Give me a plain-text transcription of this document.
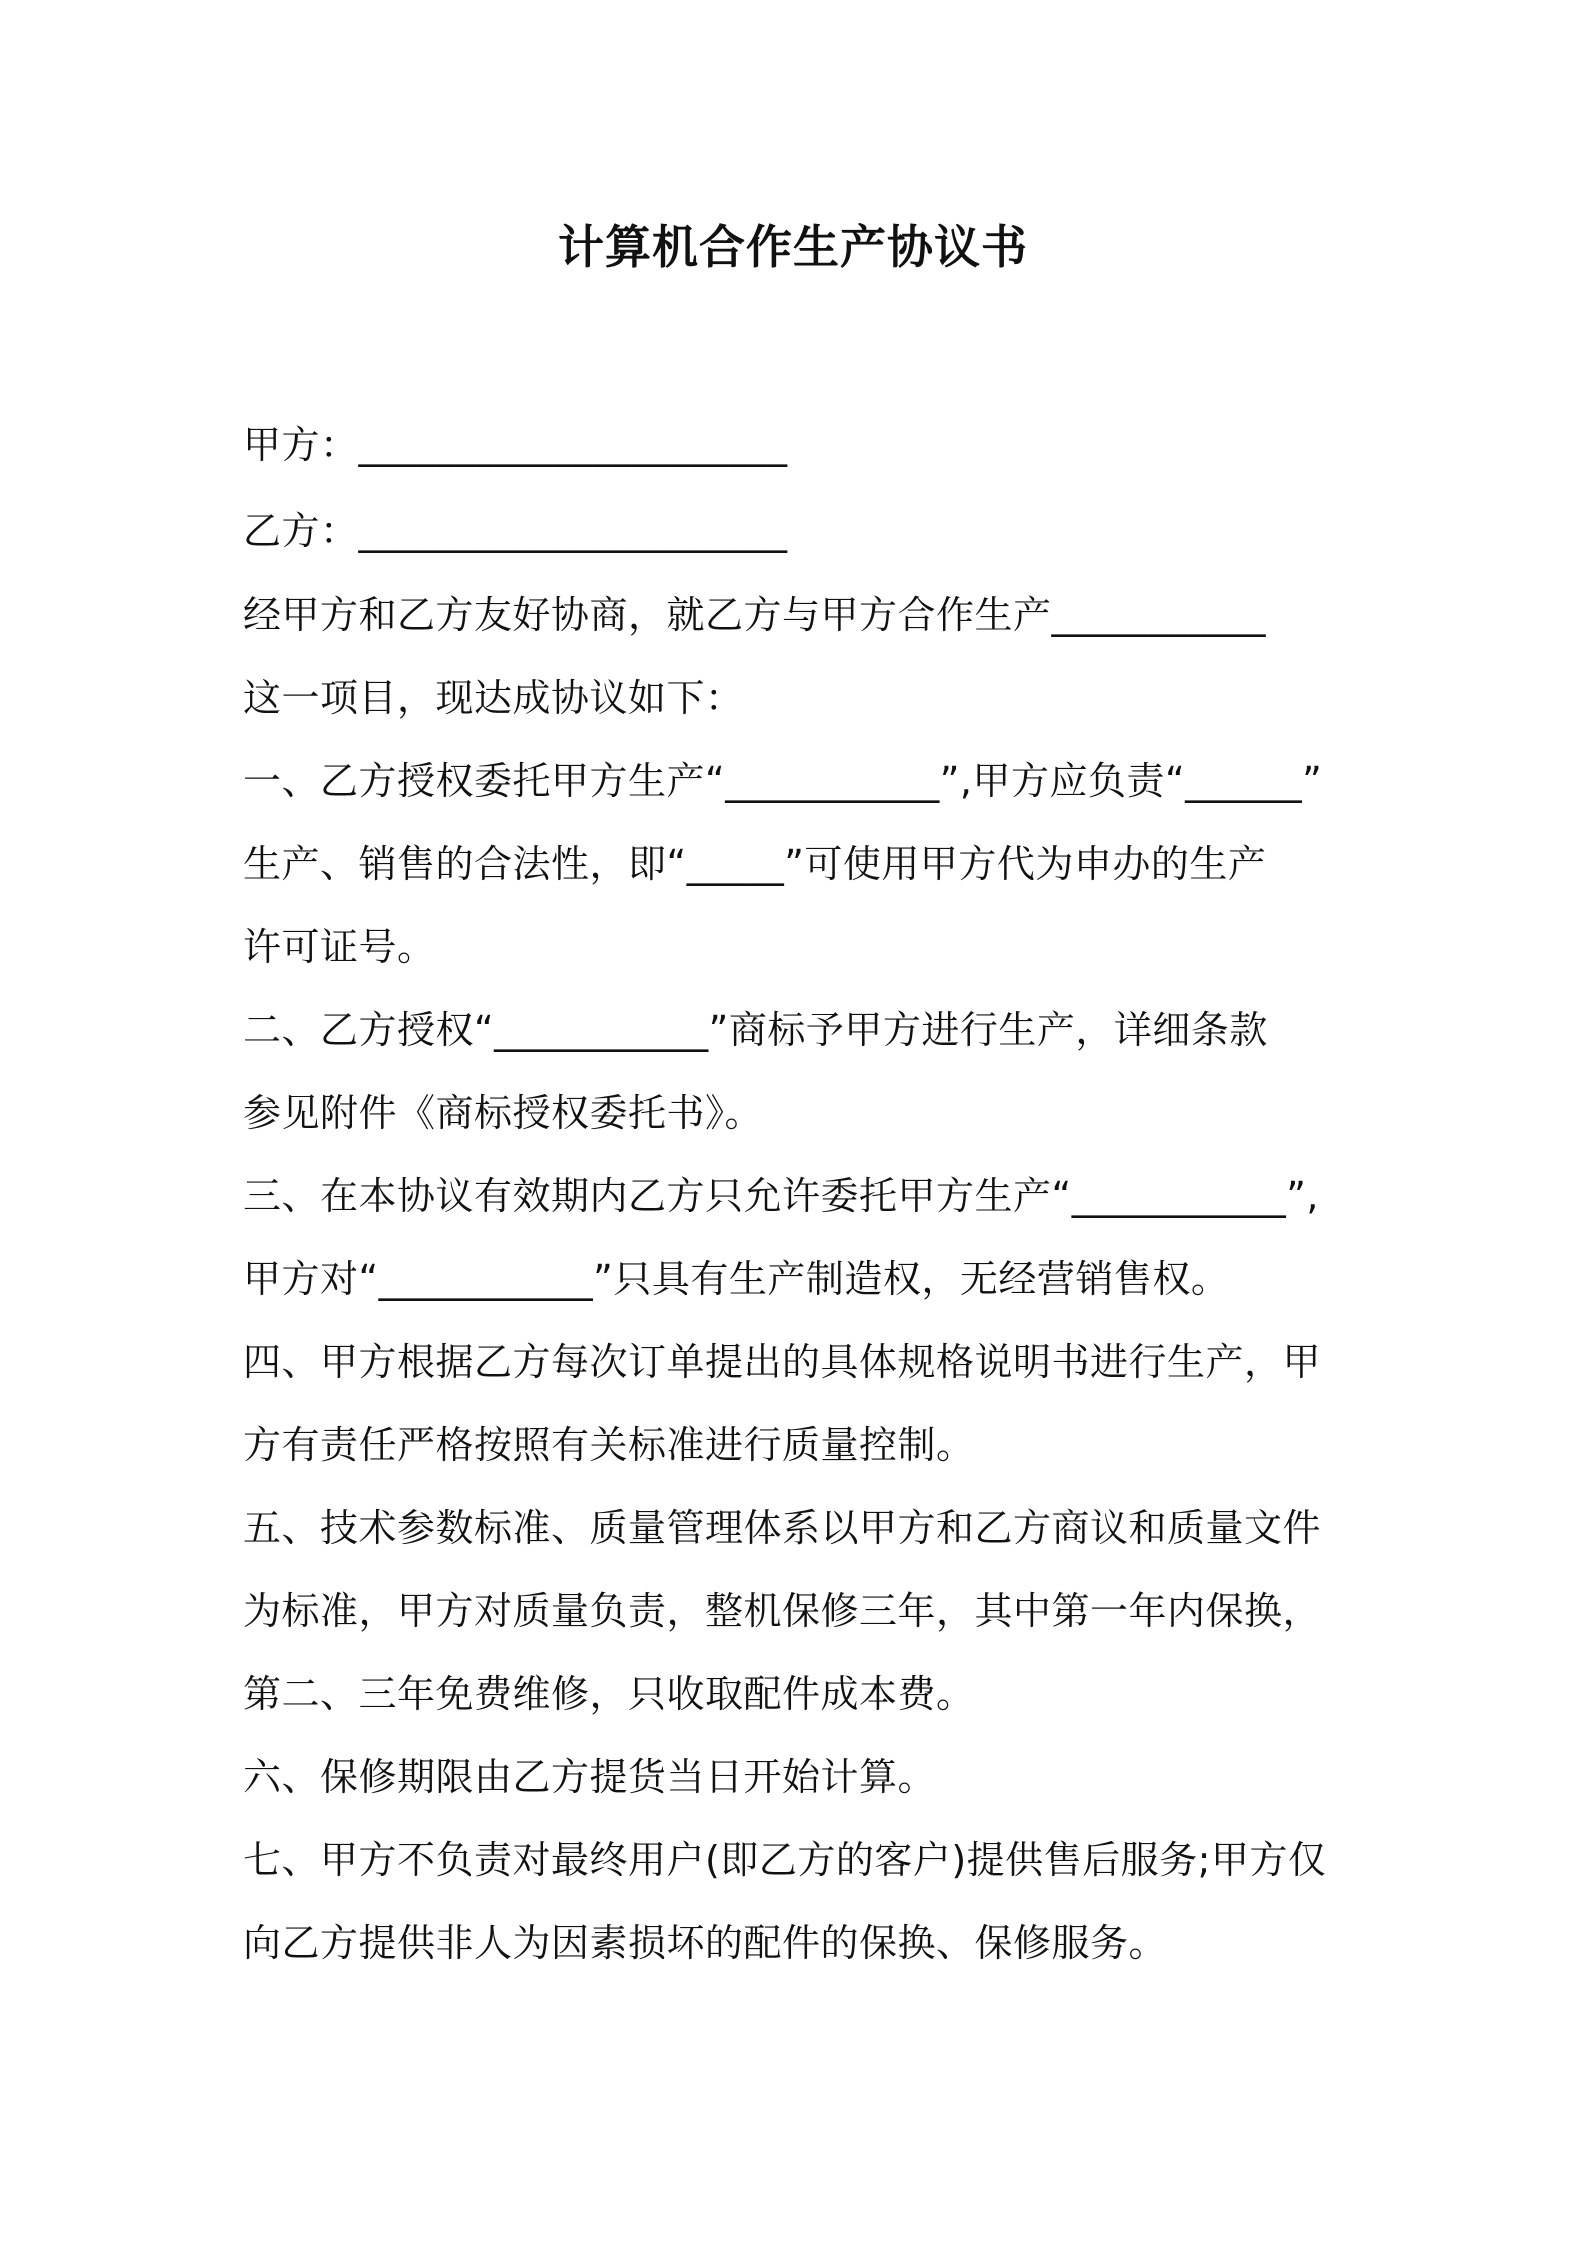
计算机合作生产协议书

甲方：______________________

乙方：______________________

经甲方和乙方友好协商，就乙方与甲方合作生产___________

这一项目，现达成协议如下：

一、乙方授权委托甲方生产“___________”,甲方应负责“______”

生产、销售的合法性，即“_____”可使用甲方代为申办的生产

许可证号。

二、乙方授权“___________”商标予甲方进行生产，详细条款

参见附件《商标授权委托书》。

三、在本协议有效期内乙方只允许委托甲方生产“___________”,

甲方对“___________”只具有生产制造权，无经营销售权。

四、甲方根据乙方每次订单提出的具体规格说明书进行生产，甲

方有责任严格按照有关标准进行质量控制。

五、技术参数标准、质量管理体系以甲方和乙方商议和质量文件

为标准，甲方对质量负责，整机保修三年，其中第一年内保换，

第二、三年免费维修，只收取配件成本费。

六、保修期限由乙方提货当日开始计算。

七、甲方不负责对最终用户(即乙方的客户)提供售后服务;甲方仅

向乙方提供非人为因素损坏的配件的保换、保修服务。
